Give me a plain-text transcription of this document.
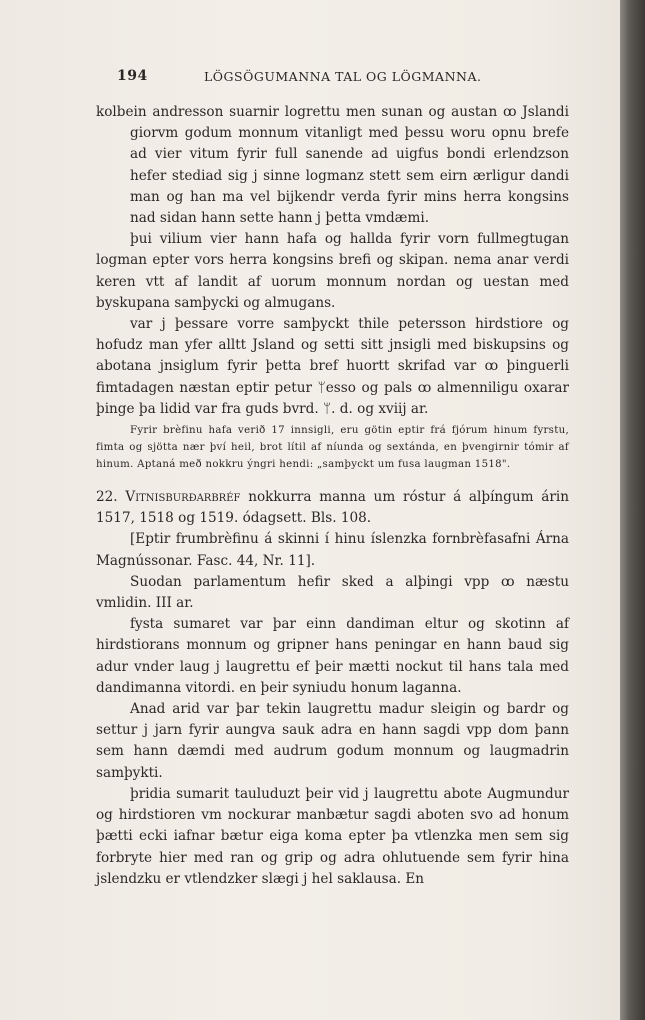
194	LÖGSÖGUMANNA TAL OG LÖGMANNA.

kolbein andresson suarnir logrettu men sunan og austan ꝏ Jslandi giorvm godum monnum vitanligt med þessu woru opnu brefe ad vier vitum fyrir full sanende ad uigfus bondi erlendzson hefer stediad sig j sinne logmanz stett sem eirn ærligur dandi man og han ma vel bijkendr verda fyrir mins herra kongsins nad sidan hann sette hann j þetta vmdæmi.

þui vilium vier hann hafa og hallda fyrir vorn fullmegtugan logman epter vors herra kongsins brefi og skipan. nema anar verdi keren vtt af landit af uorum monnum nordan og uestan med byskupana samþycki og almugans.

var j þessare vorre samþyckt thile petersson hirdstiore og hofudz man yfer alltt Jsland og setti sitt jnsigli med biskupsins og abotana jnsiglum fyrir þetta bref huortt skrifad var ꝏ þinguerli fimtadagen næstan eptir petur ᛘesso og pals ꝏ almenniligu oxarar þinge þa lidid var fra guds bvrd. ᛘ. d. og xviij ar.

Fyrir brèfinu hafa verið 17 innsigli, eru götin eptir frá fjórum hinum fyrstu, fimta og sjötta nær því heil, brot lítil af níunda og sextánda, en þvengirnir tómir af hinum. Aptaná með nokkru ýngri hendi: „samþyckt um fusa laugman 1518".

22. Vitnisburðarbréf nokkurra manna um róstur á alþíngum árin 1517, 1518 og 1519. ódagsett. Bls. 108.

[Eptir frumbrèfinu á skinni í hinu íslenzka fornbrèfasafni Árna Magnússonar. Fasc. 44, Nr. 11].

Suodan parlamentum hefir sked a alþingi vpp ꝏ næstu vmlidin. III ar.

fysta sumaret var þar einn dandiman eltur og skotinn af hirdstiorans monnum og gripner hans peningar en hann baud sig adur vnder laug j laugrettu ef þeir mætti nockut til hans tala med dandimanna vitordi. en þeir syniudu honum laganna.

Anad arid var þar tekin laugrettu madur sleigin og bardr og settur j jarn fyrir aungva sauk adra en hann sagdi vpp dom þann sem hann dæmdi med audrum godum monnum og laugmadrin samþykti.

þridia sumarit tauluduzt þeir vid j laugrettu abote Augmundur og hirdstioren vm nockurar manbætur sagdi aboten svo ad honum þætti ecki iafnar bætur eiga koma epter þa vtlenzka men sem sig forbryte hier med ran og grip og adra ohlutuende sem fyrir hina jslendzku er vtlendzker slægi j hel saklausa. En
